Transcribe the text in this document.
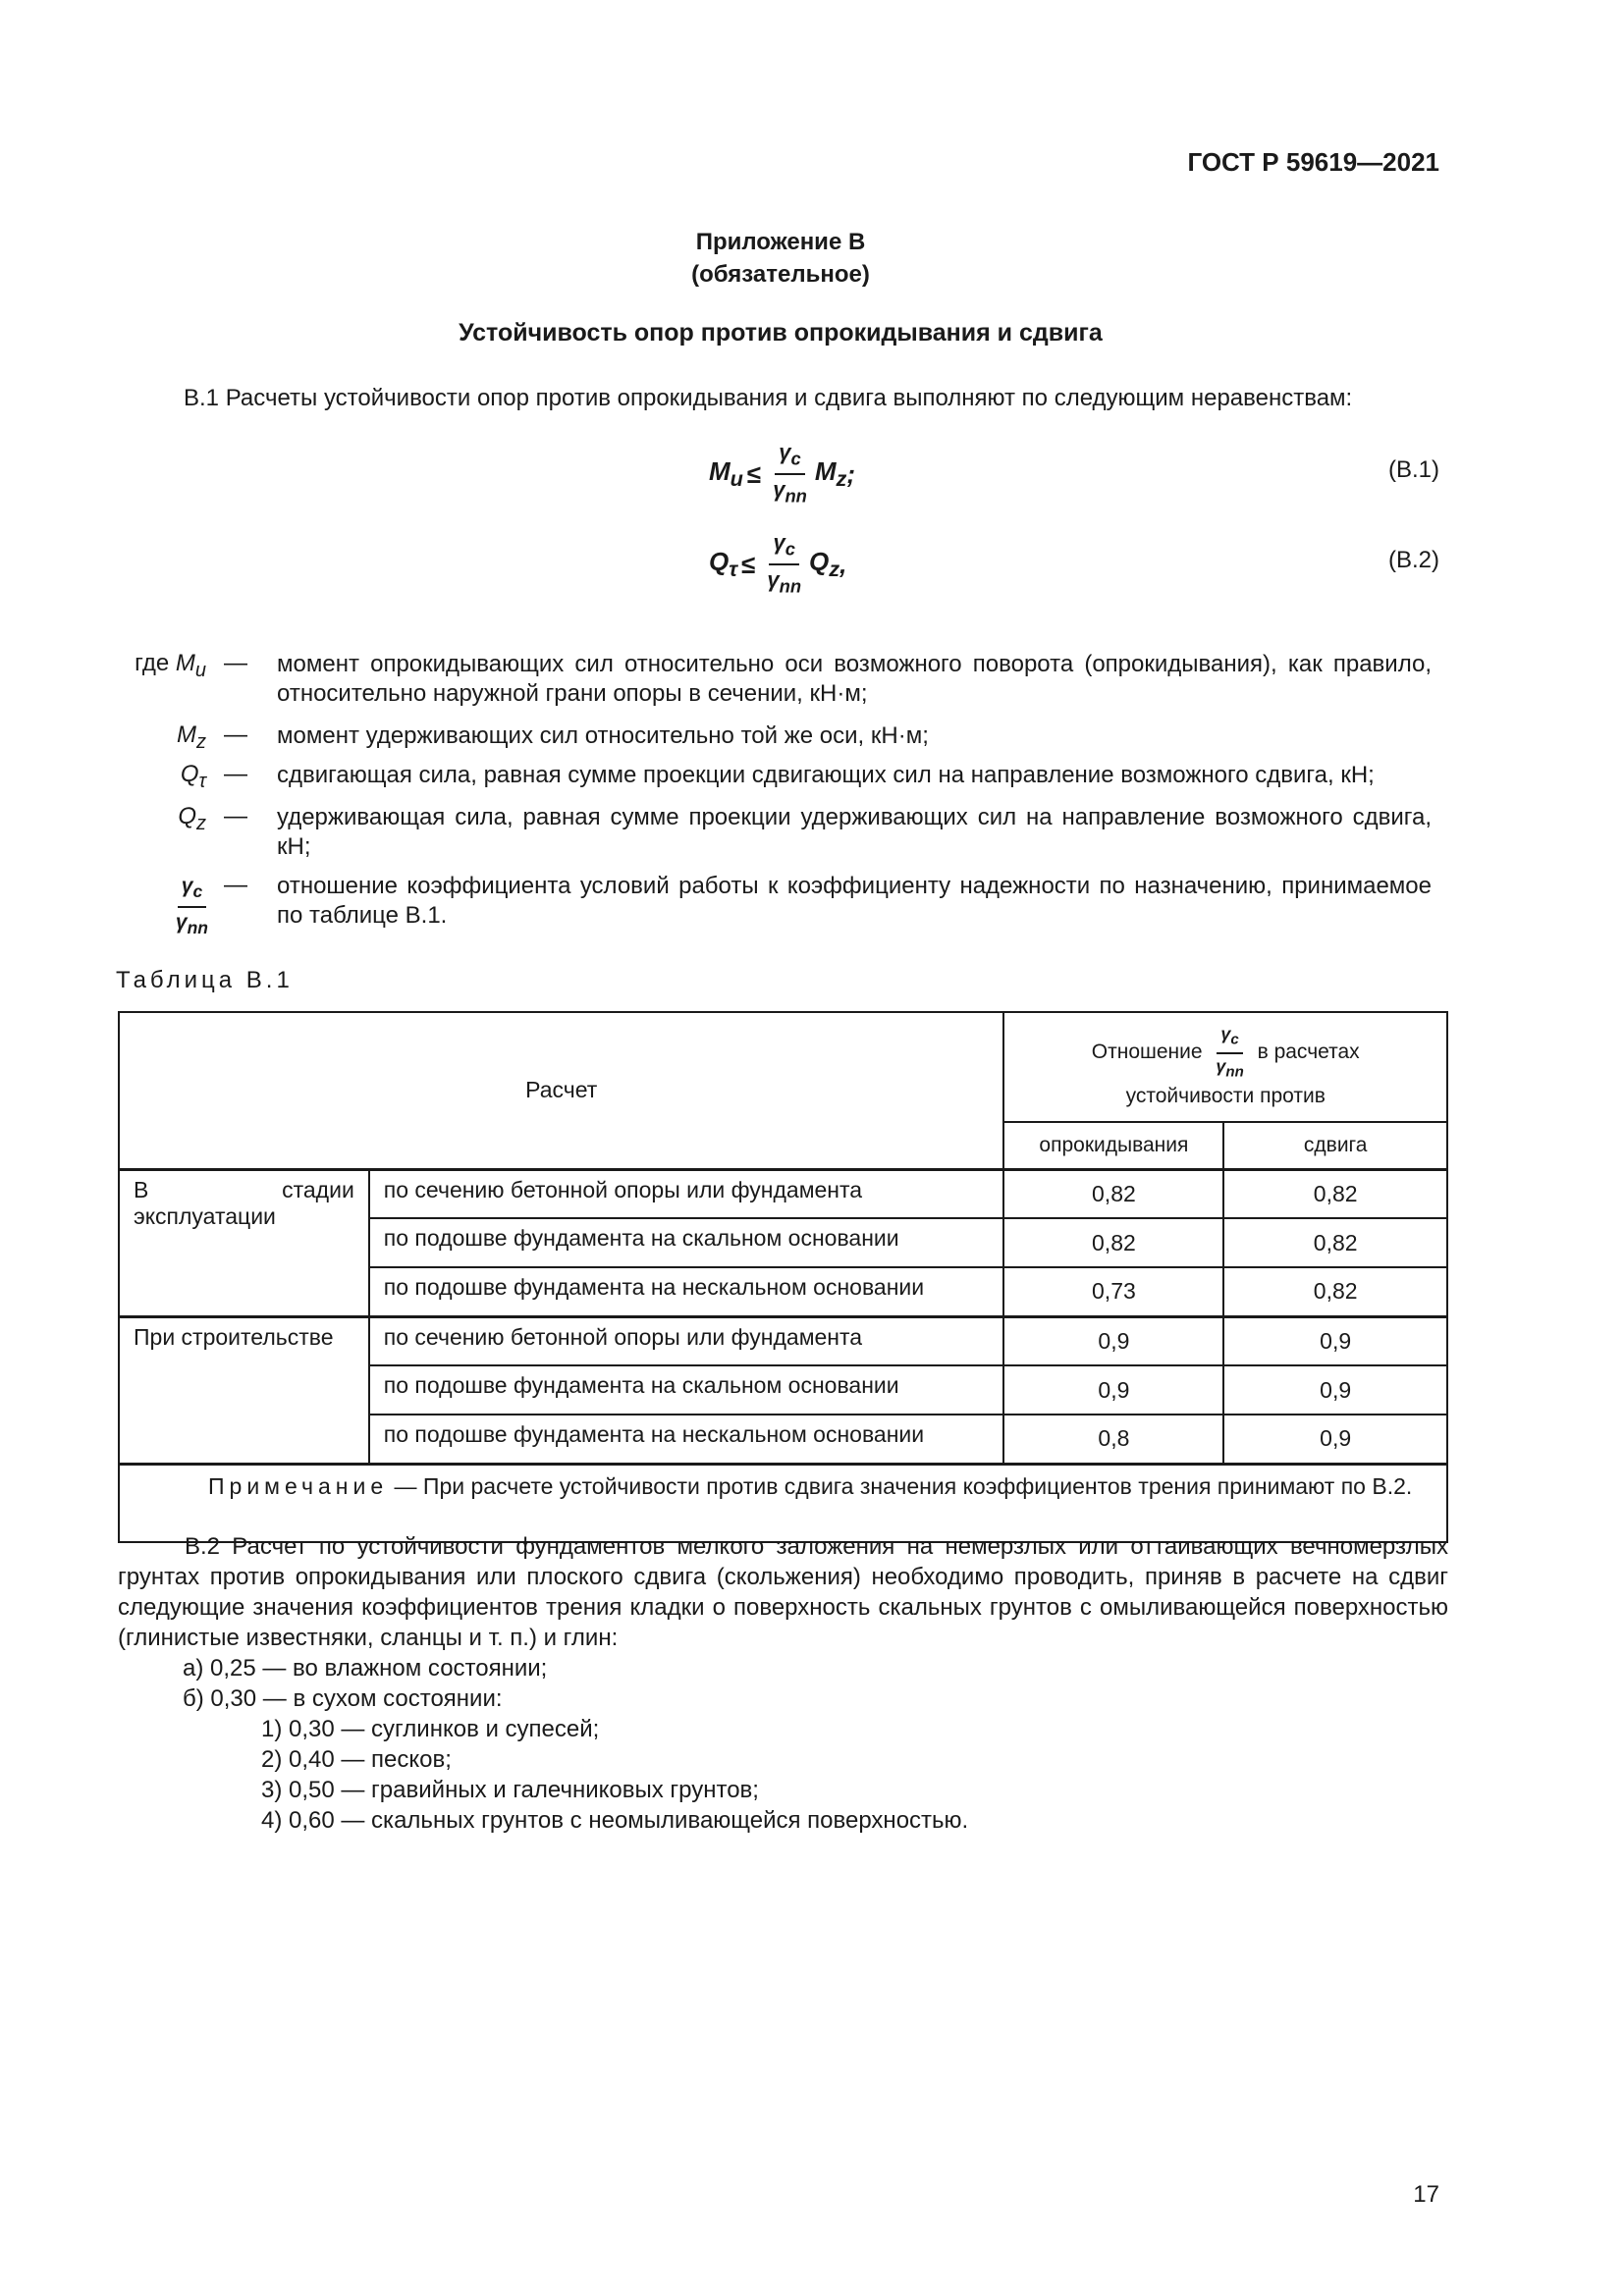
ГОСТ Р 59619—2021
Приложение В
(обязательное)
Устойчивость опор против опрокидывания и сдвига
В.1 Расчеты устойчивости опор против опрокидывания и сдвига выполняют по следующим неравенствам:
$M_u \le \frac{\gamma_c}{\gamma_{nn}} M_z$ ;	(В.1)
$Q_\tau \le \frac{\gamma_c}{\gamma_{nn}} Q_z$ ,	(В.2)
где $M_u$ — момент опрокидывающих сил относительно оси возможного поворота (опрокидывания), как правило, относительно наружной грани опоры в сечении, кН·м;
$M_z$ — момент удерживающих сил относительно той же оси, кН·м;
$Q_\tau$ — сдвигающая сила, равная сумме проекции сдвигающих сил на направление возможного сдвига, кН;
$Q_z$ — удерживающая сила, равная сумме проекции удерживающих сил на направление возможного сдвига, кН;
$\frac{\gamma_c}{\gamma_{nn}}$ — отношение коэффициента условий работы к коэффициенту надежности по назначению, принимаемое по таблице В.1.
Таблица В.1
Расчет		Отношение $\frac{\gamma_c}{\gamma_{nn}}$ в расчетах
устойчивости против	
		опрокидывания	сдвига
В стадии эксплуатации	по сечению бетонной опоры или фундамента	0,82	0,82
	по подошве фундамента на скальном основании	0,82	0,82
	по подошве фундамента на нескальном основании	0,73	0,82
При строительстве	по сечению бетонной опоры или фундамента	0,9	0,9
	по подошве фундамента на скальном основании	0,9	0,9
	по подошве фундамента на нескальном основании	0,8	0,9
Примечание — При расчете устойчивости против сдвига значения коэффициентов трения принимают по В.2.			
В.2 Расчет по устойчивости фундаментов мелкого заложения на немерзлых или оттаивающих вечномерзлых грунтах против опрокидывания или плоского сдвига (скольжения) необходимо проводить, приняв в расчете на сдвиг следующие значения коэффициентов трения кладки о поверхность скальных грунтов с омыливающейся поверхностью (глинистые известняки, сланцы и т. п.) и глин:
а) 0,25 — во влажном состоянии;
б) 0,30 — в сухом состоянии:
1) 0,30 — суглинков и супесей;
2) 0,40 — песков;
3) 0,50 — гравийных и галечниковых грунтов;
4) 0,60 — скальных грунтов с неомыливающейся поверхностью.
17
